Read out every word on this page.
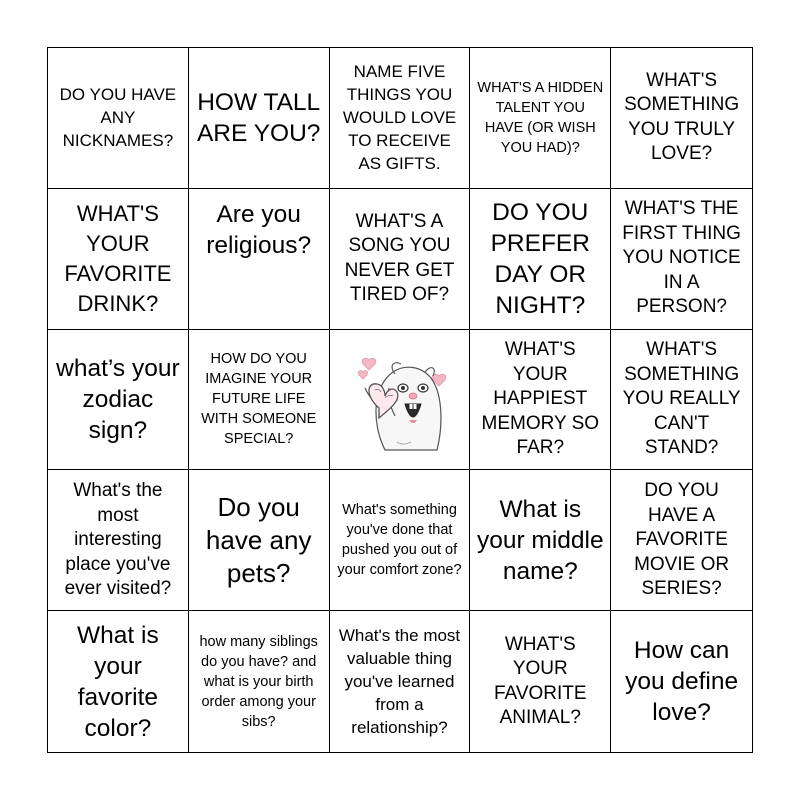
DO YOU HAVE ANY NICKNAMES?
HOW TALL ARE YOU?
NAME FIVE THINGS YOU WOULD LOVE TO RECEIVE AS GIFTS.
WHAT'S A HIDDEN TALENT YOU HAVE (OR WISH YOU HAD)?
WHAT'S SOMETHING YOU TRULY LOVE?
WHAT'S YOUR FAVORITE DRINK?
Are you religious?
WHAT'S A SONG YOU NEVER GET TIRED OF?
DO YOU PREFER DAY OR NIGHT?
WHAT'S THE FIRST THING YOU NOTICE IN A PERSON?
what’s your zodiac sign?
HOW DO YOU IMAGINE YOUR FUTURE LIFE WITH SOMEONE SPECIAL?
WHAT'S YOUR HAPPIEST MEMORY SO FAR?
WHAT'S SOMETHING YOU REALLY CAN'T STAND?
What's the most interesting place you've ever visited?
Do you have any pets?
What's something you've done that pushed you out of your comfort zone?
What is your middle name?
DO YOU HAVE A FAVORITE MOVIE OR SERIES?
What is your favorite color?
how many siblings do you have? and what is your birth order among your sibs?
What's the most valuable thing you've learned from a relationship?
WHAT'S YOUR FAVORITE ANIMAL?
How can you define love?
